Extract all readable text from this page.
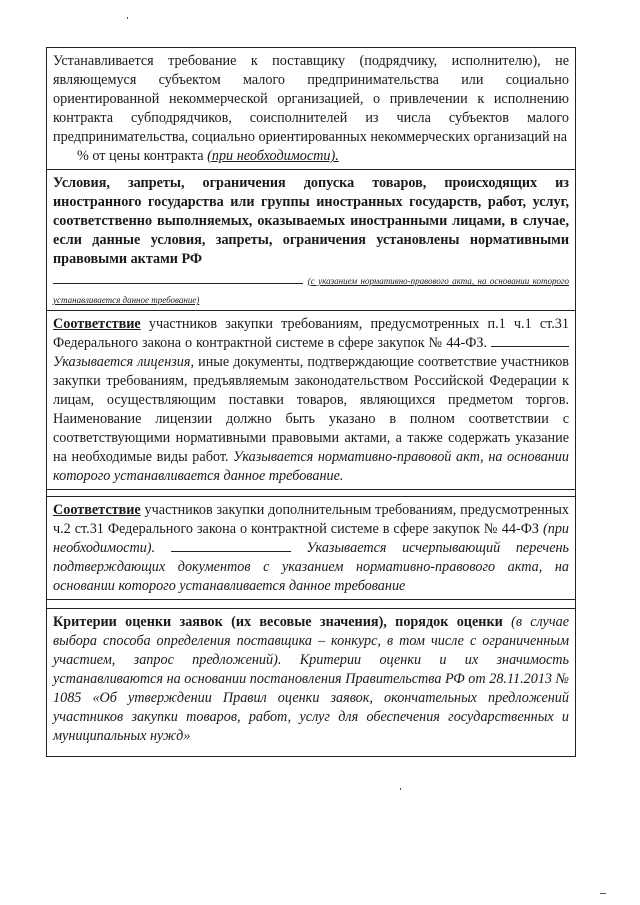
Устанавливается требование к поставщику (подрядчику, исполнителю), не являющемуся субъектом малого предпринимательства или социально ориентированной некоммерческой организацией, о привлечении к исполнению контракта субподрядчиков, соисполнителей из числа субъектов малого предпринимательства, социально ориентированных некоммерческих организаций на
% от цены контракта (при необходимости).
Условия, запреты, ограничения допуска товаров, происходящих из иностранного государства или группы иностранных государств, работ, услуг, соответственно выполняемых, оказываемых иностранными лицами, в случае, если данные условия, запреты, ограничения установлены нормативными правовыми актами РФ
(с указанием нормативно-правового акта, на основании которого устанавливается данное требование)
Соответствие участников закупки требованиям, предусмотренных п.1 ч.1 ст.31 Федерального закона о контрактной системе в сфере закупок № 44-ФЗ.  Указывается лицензия, иные документы, подтверждающие соответствие участников закупки требованиям, предъявляемым законодательством Российской Федерации к лицам, осуществляющим поставки товаров, являющихся предметом торгов. Наименование лицензии должно быть указано в полном соответствии с соответствующими нормативными правовыми актами, а также содержать указание на необходимые виды работ. Указывается нормативно-правовой акт, на основании которого устанавливается данное требование.
Соответствие участников закупки дополнительным требованиям, предусмотренных ч.2 ст.31 Федерального закона о контрактной системе в сфере закупок № 44-ФЗ (при необходимости).	Указывается исчерпывающий перечень подтверждающих документов с указанием нормативно-правового акта, на основании которого устанавливается данное требование
Критерии оценки заявок (их весовые значения), порядок оценки (в случае выбора способа определения поставщика – конкурс, в том числе с ограниченным участием, запрос предложений). Критерии оценки и их значимость устанавливаются на основании постановления Правительства РФ от 28.11.2013 № 1085 «Об утверждении Правил оценки заявок, окончательных предложений участников закупки товаров, работ, услуг для обеспечения государственных и муниципальных нужд»
